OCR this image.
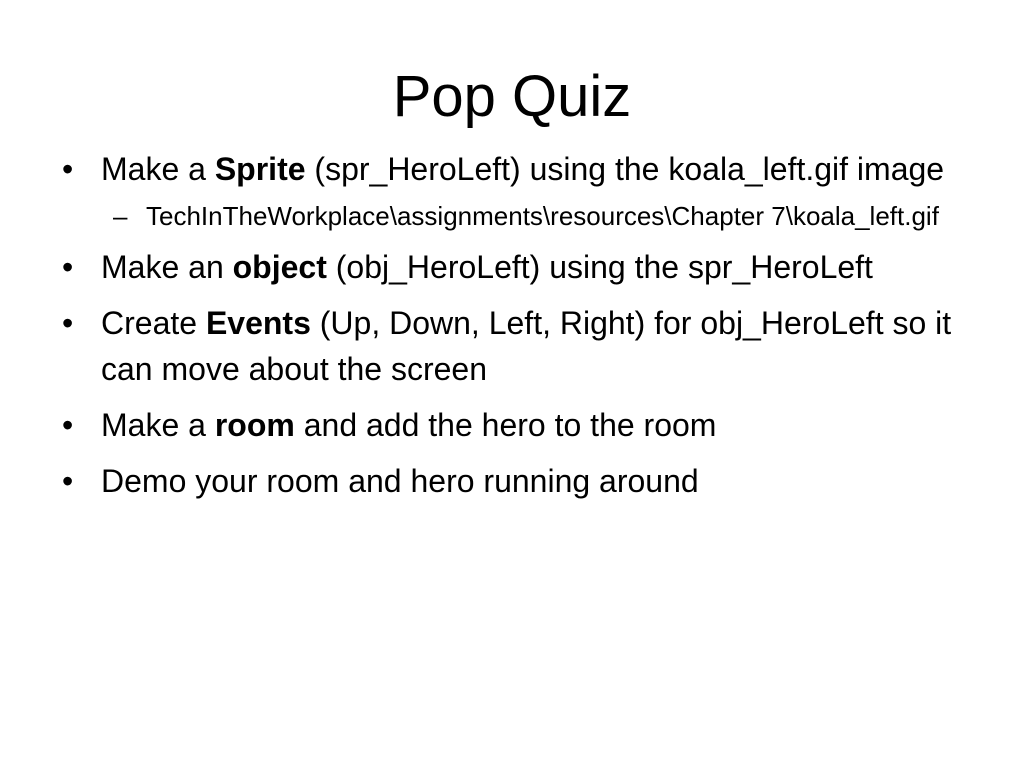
Pop Quiz
• Make a Sprite (spr_HeroLeft) using the koala_left.gif image
– TechInTheWorkplace\assignments\resources\Chapter 7\koala_left.gif
• Make an object (obj_HeroLeft) using the spr_HeroLeft
• Create Events (Up, Down, Left, Right) for obj_HeroLeft so it can move about the screen
• Make a room and add the hero to the room
• Demo your room and hero running around
